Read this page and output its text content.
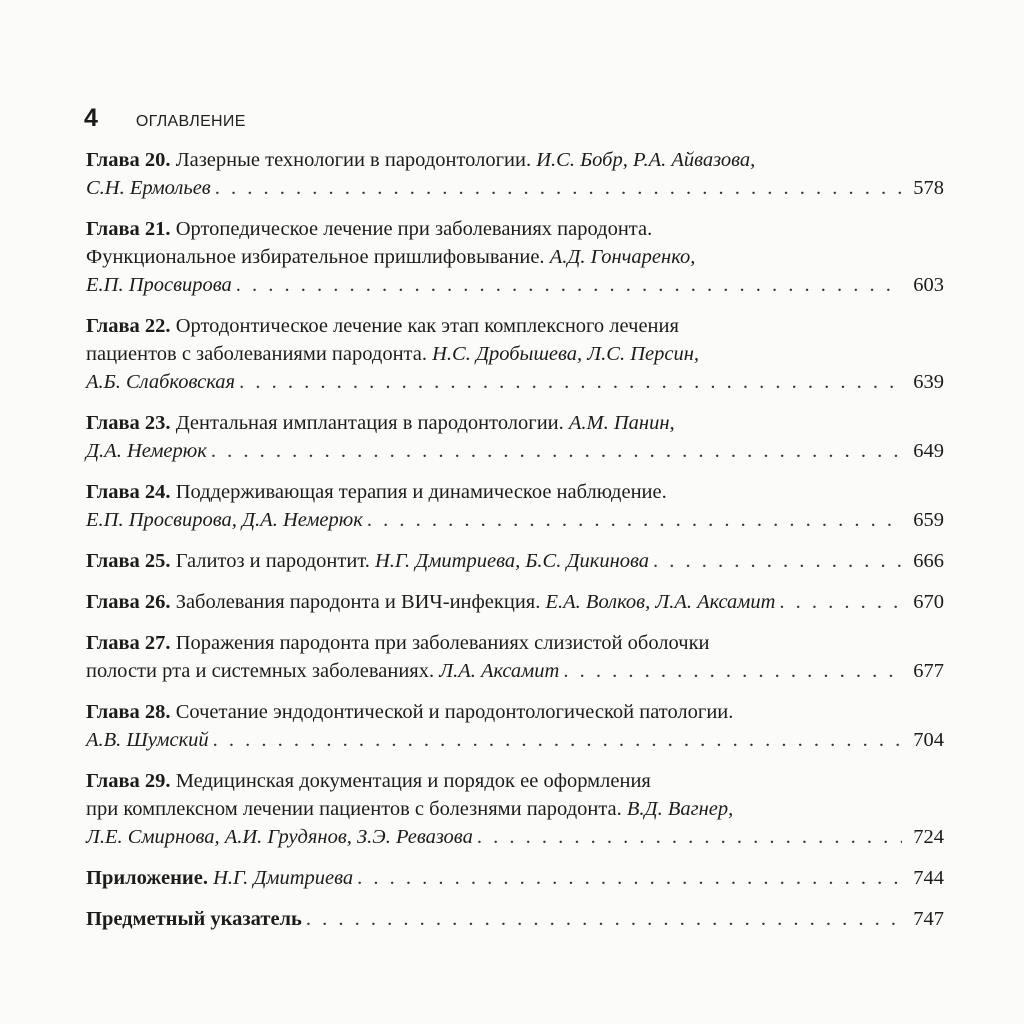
4 ОГЛАВЛЕНИЕ
Глава 20. Лазерные технологии в пародонтологии. И.С. Бобр, Р.А. Айвазова,
С.Н. Ермольев . . .	578
Глава 21. Ортопедическое лечение при заболеваниях пародонта.
Функциональное избирательное пришлифовывание. А.Д. Гончаренко,
Е.П. Просвирова . . .	603
Глава 22. Ортодонтическое лечение как этап комплексного лечения
пациентов с заболеваниями пародонта. Н.С. Дробышева, Л.С. Персин,
А.Б. Слабковская . . .	639
Глава 23. Дентальная имплантация в пародонтологии. А.М. Панин,
Д.А. Немерюк . . .	649
Глава 24. Поддерживающая терапия и динамическое наблюдение.
Е.П. Просвирова, Д.А. Немерюк . . .	659
Глава 25. Галитоз и пародонтит. Н.Г. Дмитриева, Б.С. Дикинова . . .	666
Глава 26. Заболевания пародонта и ВИЧ-инфекция. Е.А. Волков, Л.А. Аксамит . . .	670
Глава 27. Поражения пародонта при заболеваниях слизистой оболочки
полости рта и системных заболеваниях. Л.А. Аксамит . . .	677
Глава 28. Сочетание эндодонтической и пародонтологической патологии.
А.В. Шумский . . .	704
Глава 29. Медицинская документация и порядок ее оформления
при комплексном лечении пациентов с болезнями пародонта. В.Д. Вагнер,
Л.Е. Смирнова, А.И. Грудянов, З.Э. Ревазова . . .	724
Приложение. Н.Г. Дмитриева . . .	744
Предметный указатель . . .	747
